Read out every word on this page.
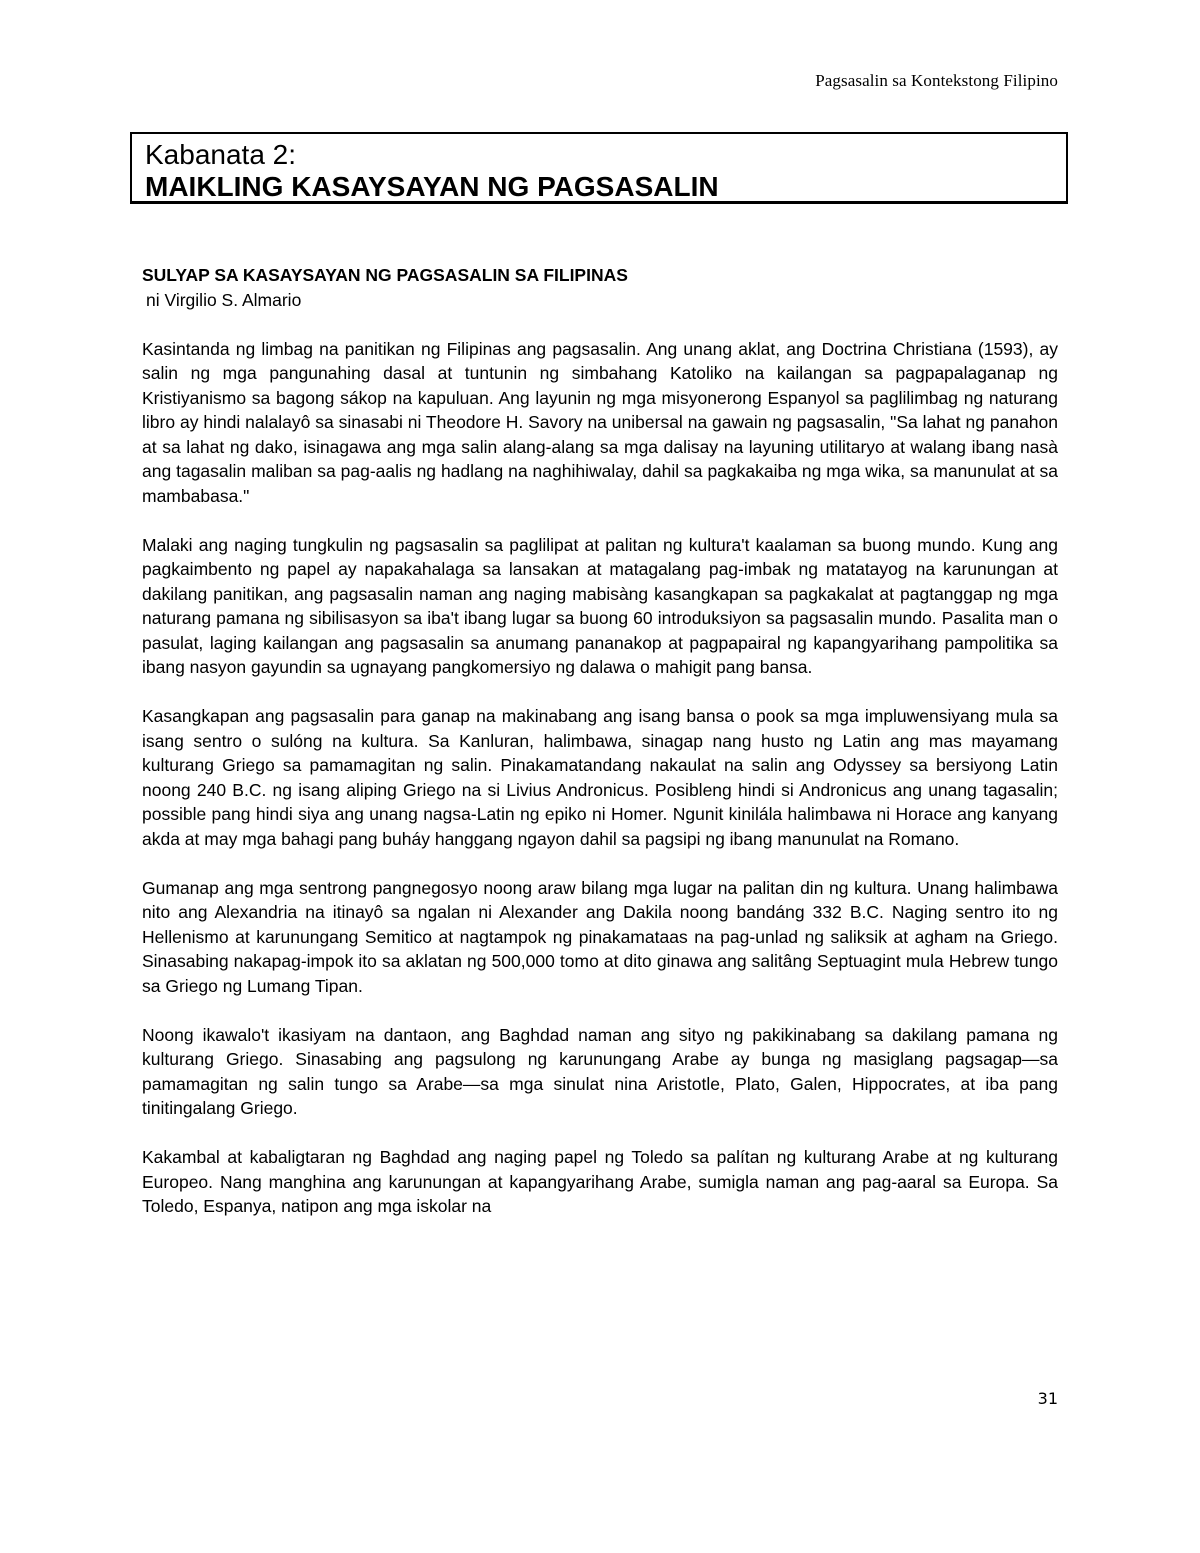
Pagsasalin sa Kontekstong Filipino
Kabanata 2:
MAIKLING KASAYSAYAN NG PAGSASALIN
SULYAP SA KASAYSAYAN NG PAGSASALIN SA FILIPINAS
ni Virgilio S. Almario

Kasintanda ng limbag na panitikan ng Filipinas ang pagsasalin. Ang unang aklat, ang Doctrina Christiana (1593), ay salin ng mga pangunahing dasal at tuntunin ng simbahang Katoliko na kailangan sa pagpapalaganap ng Kristiyanismo sa bagong sákop na kapuluan. Ang layunin ng mga misyonerong Espanyol sa paglilimbag ng naturang libro ay hindi nalalayô sa sinasabi ni Theodore H. Savory na unibersal na gawain ng pagsasalin, "Sa lahat ng panahon at sa lahat ng dako, isinagawa ang mga salin alang-alang sa mga dalisay na layuning utilitaryo at walang ibang nasà ang tagasalin maliban sa pag-aalis ng hadlang na naghihiwalay, dahil sa pagkakaiba ng mga wika, sa manunulat at sa mambabasa."

Malaki ang naging tungkulin ng pagsasalin sa paglilipat at palitan ng kultura't kaalaman sa buong mundo. Kung ang pagkaimbento ng papel ay napakahalaga sa lansakan at matagalang pag-imbak ng matatayog na karunungan at dakilang panitikan, ang pagsasalin naman ang naging mabisàng kasangkapan sa pagkakalat at pagtanggap ng mga naturang pamana ng sibilisasyon sa iba't ibang lugar sa buong 60 introduksiyon sa pagsasalin mundo. Pasalita man o pasulat, laging kailangan ang pagsasalin sa anumang pananakop at pagpapairal ng kapangyarihang pampolitika sa ibang nasyon gayundin sa ugnayang pangkomersiyo ng dalawa o mahigit pang bansa.

Kasangkapan ang pagsasalin para ganap na makinabang ang isang bansa o pook sa mga impluwensiyang mula sa isang sentro o sulóng na kultura. Sa Kanluran, halimbawa, sinagap nang husto ng Latin ang mas mayamang kulturang Griego sa pamamagitan ng salin. Pinakamatandang nakaulat na salin ang Odyssey sa bersiyong Latin noong 240 B.C. ng isang aliping Griego na si Livius Andronicus. Posibleng hindi si Andronicus ang unang tagasalin; possible pang hindi siya ang unang nagsa-Latin ng epiko ni Homer. Ngunit kinilála halimbawa ni Horace ang kanyang akda at may mga bahagi pang buháy hanggang ngayon dahil sa pagsipi ng ibang manunulat na Romano.

Gumanap ang mga sentrong pangnegosyo noong araw bilang mga lugar na palitan din ng kultura. Unang halimbawa nito ang Alexandria na itinayô sa ngalan ni Alexander ang Dakila noong bandáng 332 B.C. Naging sentro ito ng Hellenismo at karunungang Semitico at nagtampok ng pinakamataas na pag-unlad ng saliksik at agham na Griego. Sinasabing nakapag-impok ito sa aklatan ng 500,000 tomo at dito ginawa ang salitâng Septuagint mula Hebrew tungo sa Griego ng Lumang Tipan.

Noong ikawalo't ikasiyam na dantaon, ang Baghdad naman ang sityo ng pakikinabang sa dakilang pamana ng kulturang Griego. Sinasabing ang pagsulong ng karunungang Arabe ay bunga ng masiglang pagsagap—sa pamamagitan ng salin tungo sa Arabe—sa mga sinulat nina Aristotle, Plato, Galen, Hippocrates, at iba pang tinitingalang Griego.

Kakambal at kabaligtaran ng Baghdad ang naging papel ng Toledo sa palítan ng kulturang Arabe at ng kulturang Europeo. Nang manghina ang karunungan at kapangyarihang Arabe, sumigla naman ang pag-aaral sa Europa. Sa Toledo, Espanya, natipon ang mga iskolar na

31
